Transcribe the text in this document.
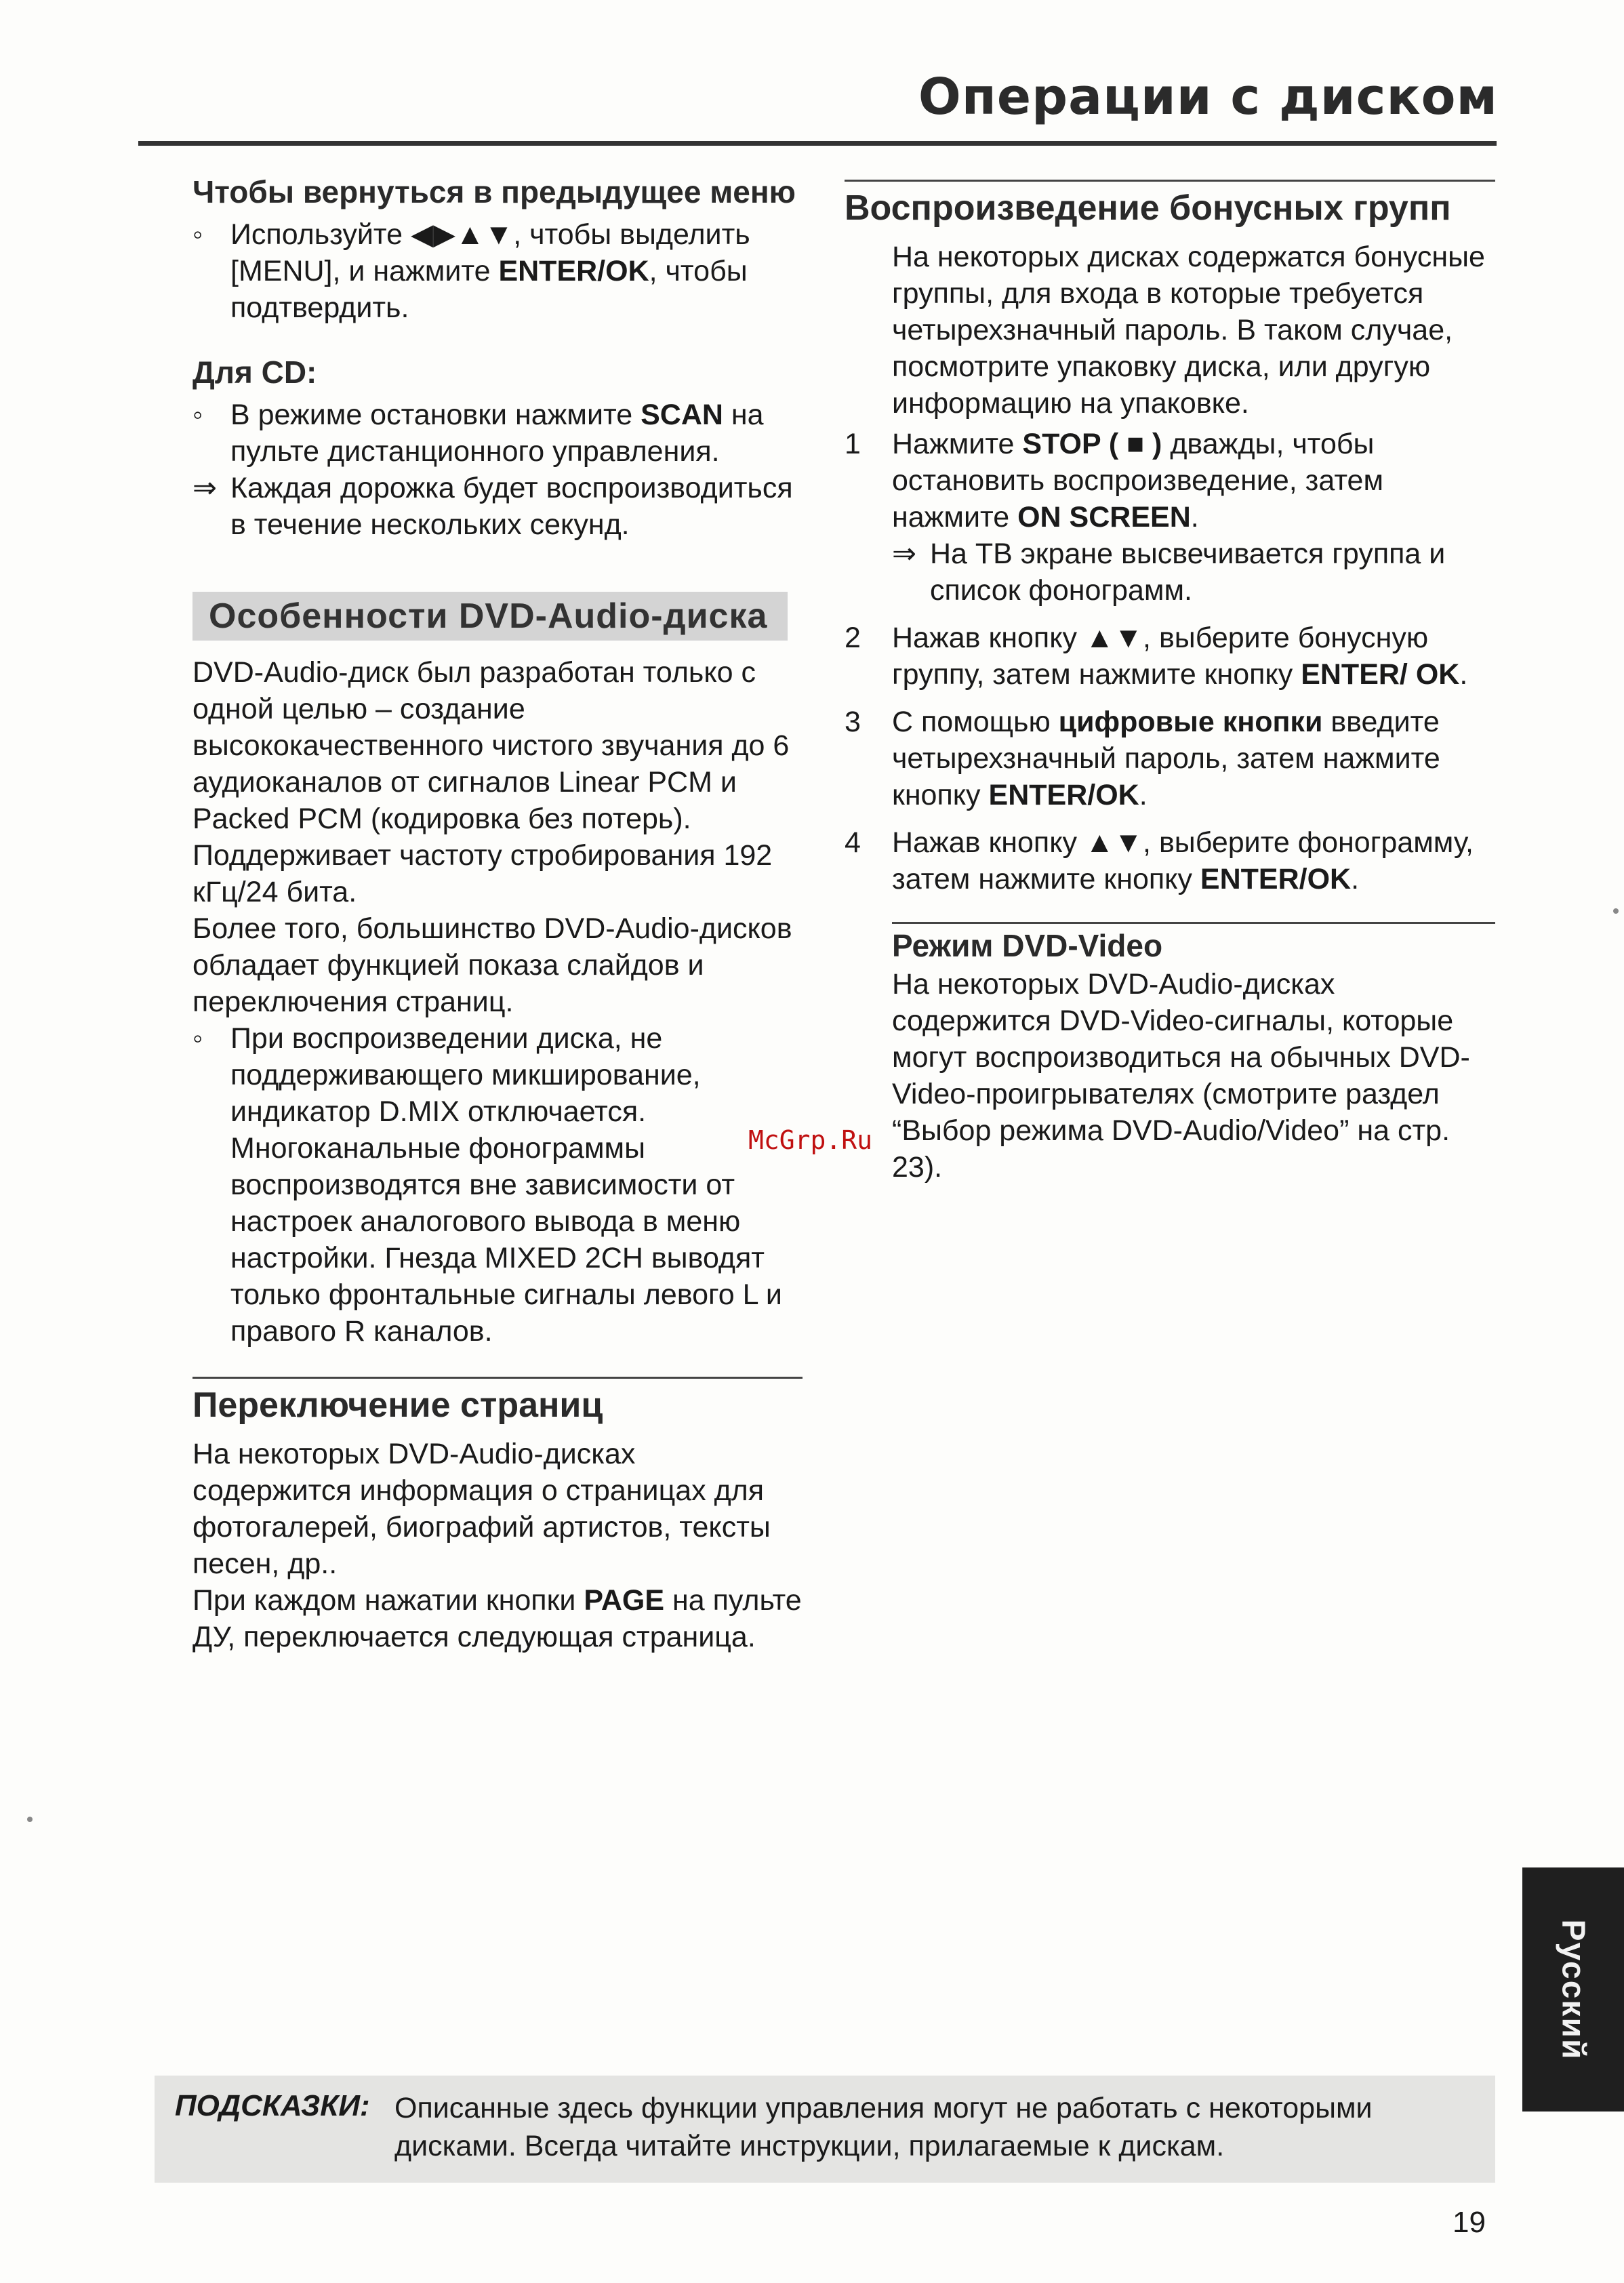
Операции с диском
Чтобы вернуться в предыдущее меню
◦ Используйте ◀▶▲▼, чтобы выделить [MENU], и нажмите ENTER/OK, чтобы подтвердить.
Для CD:
◦ В режиме остановки нажмите SCAN на пульте дистанционного управления.
⇒ Каждая дорожка будет воспроизводиться в течение нескольких секунд.
Особенности DVD-Audio-диска

DVD-Audio-диск был разработан только с одной целью – создание высококачественного чистого звучания до 6 аудиоканалов от сигналов Linear PCM и Packed PCM (кодировка без потерь). Поддерживает частоту стробирования 192 кГц/24 бита.

Более того, большинство DVD-Audio-дисков обладает функцией показа слайдов и переключения страниц.

◦ При воспроизведении диска, не поддерживающего микширование, индикатор D.MIX отключается. Многоканальные фонограммы воспроизводятся вне зависимости от настроек аналогового вывода в меню настройки. Гнезда MIXED 2CH выводят только фронтальные сигналы левого L и правого R каналов.
Переключение страниц

На некоторых DVD-Audio-дисках содержится информация о страницах для фотогалерей, биографий артистов, тексты песен, др..

При каждом нажатии кнопки PAGE на пульте ДУ, переключается следующая страница.

Воспроизведение бонусных групп

На некоторых дисках содержатся бонусные группы, для входа в которые требуется четырехзначный пароль. В таком случае, посмотрите упаковку диска, или другую информацию на упаковке.

1 Нажмите STOP ( ■ ) дважды, чтобы остановить воспроизведение, затем нажмите ON SCREEN.
⇒ На ТВ экране высвечивается группа и список фонограмм.
2 Нажав кнопку ▲▼, выберите бонусную группу, затем нажмите кнопку ENTER/ OK.
3 С помощью цифровые кнопки введите четырехзначный пароль, затем нажмите кнопку ENTER/OK.
4 Нажав кнопку ▲▼, выберите фонограмму, затем нажмите кнопку ENTER/OK.
Режим DVD-Video

На некоторых DVD-Audio-дисках содержится DVD-Video-сигналы, которые могут воспроизводиться на обычных DVD-Video-проигрывателях (смотрите раздел “Выбор режима DVD-Audio/Video” на стр. 23).

McGrp.Ru
Русский
ПОДСКАЗКИ: Описанные здесь функции управления могут не работать с некоторыми дисками. Всегда читайте инструкции, прилагаемые к дискам.
19
